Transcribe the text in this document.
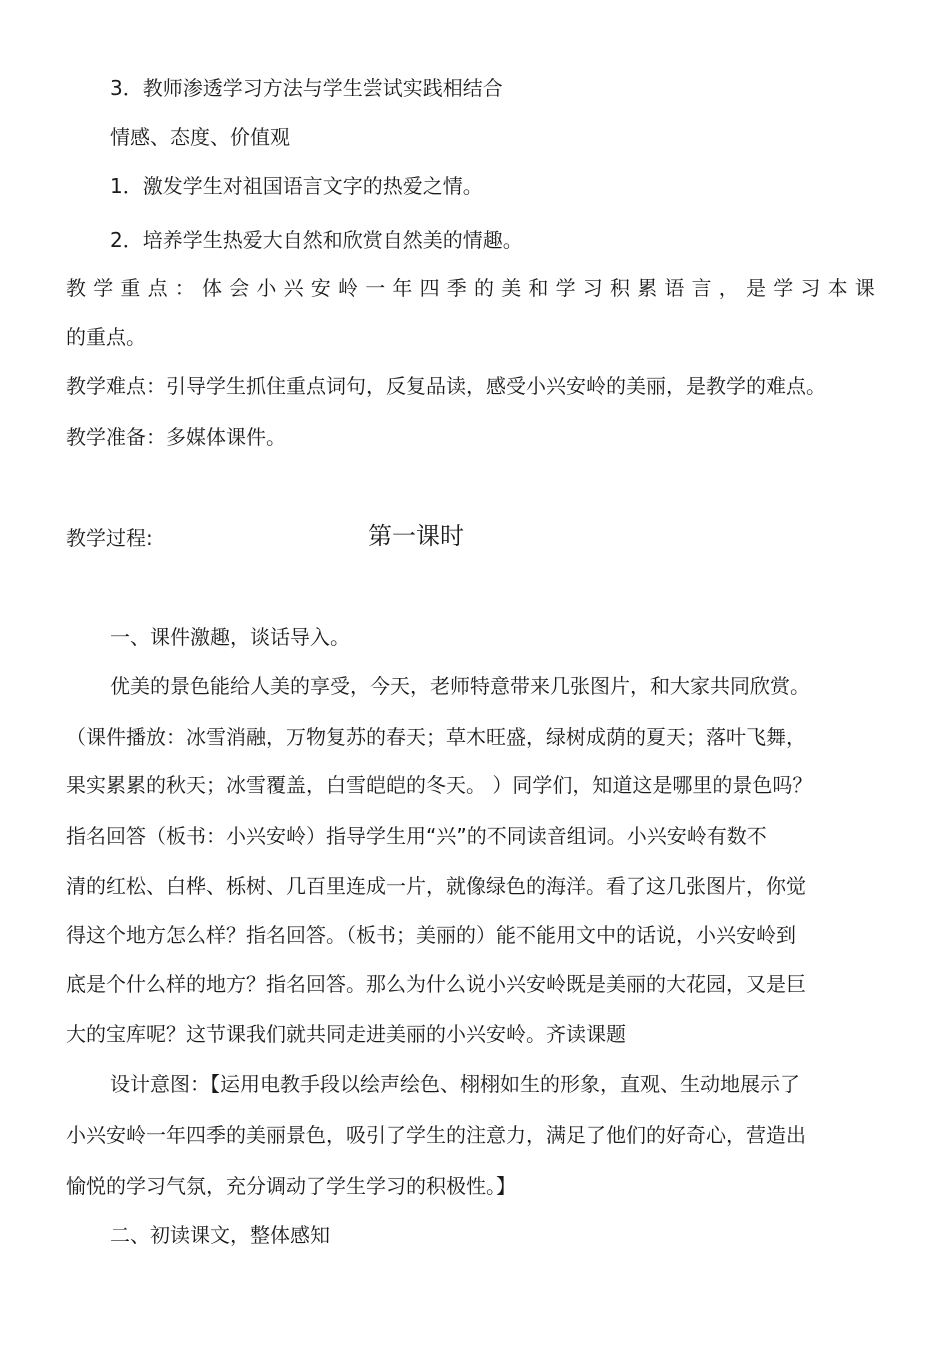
3．教师渗透学习方法与学生尝试实践相结合
情感、态度、价值观
1．激发学生对祖国语言文字的热爱之情。
2．培养学生热爱大自然和欣赏自然美的情趣。
教学重点：体会小兴安岭一年四季的美和学习积累语言，是学习本课
的重点。
教学难点：引导学生抓住重点词句，反复品读，感受小兴安岭的美丽，是教学的难点。
教学准备：多媒体课件。
教学过程:	第一课时
一、课件激趣，谈话导入。
优美的景色能给人美的享受，今天，老师特意带来几张图片，和大家共同欣赏。
（课件播放：冰雪消融，万物复苏的春天；草木旺盛，绿树成荫的夏天；落叶飞舞，
果实累累的秋天；冰雪覆盖，白雪皑皑的冬天。 ）同学们，知道这是哪里的景色吗？
指名回答（板书：小兴安岭）指导学生用“兴”的不同读音组词。小兴安岭有数不
清的红松、白桦、栎树、几百里连成一片，就像绿色的海洋。看了这几张图片，你觉
得这个地方怎么样？指名回答。（板书；美丽的）能不能用文中的话说，小兴安岭到
底是个什么样的地方？指名回答。那么为什么说小兴安岭既是美丽的大花园，又是巨
大的宝库呢？这节课我们就共同走进美丽的小兴安岭。齐读课题
设计意图：【运用电教手段以绘声绘色、栩栩如生的形象，直观、生动地展示了
小兴安岭一年四季的美丽景色，吸引了学生的注意力，满足了他们的好奇心，营造出
愉悦的学习气氛，充分调动了学生学习的积极性。】
二、初读课文，整体感知
